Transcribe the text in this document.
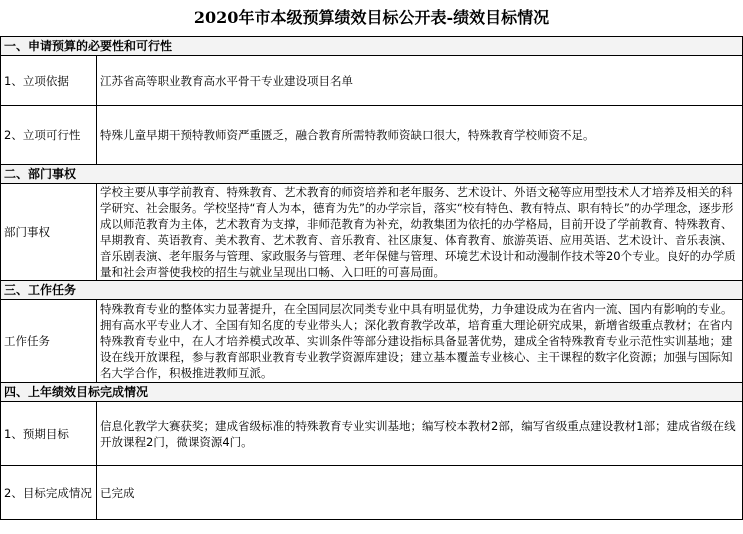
2020年市本级预算绩效目标公开表-绩效目标情况
一、申请预算的必要性和可行性	
1、立项依据	江苏省高等职业教育高水平骨干专业建设项目名单
2、立项可行性	特殊儿童早期干预特教师资严重匮乏，融合教育所需特教师资缺口很大，特殊教育学校师资不足。
二、部门事权	
部门事权	学校主要从事学前教育、特殊教育、艺术教育的师资培养和老年服务、艺术设计、外语文秘等应用型技术人才培养及相关的科学研究、社会服务。学校坚持“育人为本，德育为先”的办学宗旨，落实“校有特色、教有特点、职有特长”的办学理念，逐步形成以师范教育为主体，艺术教育为支撑，非师范教育为补充，幼教集团为依托的办学格局，目前开设了学前教育、特殊教育、早期教育、英语教育、美术教育、艺术教育、音乐教育、社区康复、体育教育、旅游英语、应用英语、艺术设计、音乐表演、音乐剧表演、老年服务与管理、家政服务与管理、老年保健与管理、环境艺术设计和动漫制作技术等20个专业。良好的办学质量和社会声誉使我校的招生与就业呈现出口畅、入口旺的可喜局面。
三、工作任务	
工作任务	特殊教育专业的整体实力显著提升，在全国同层次同类专业中具有明显优势，力争建设成为在省内一流、国内有影响的专业。拥有高水平专业人才、全国有知名度的专业带头人；深化教育教学改革，培育重大理论研究成果，新增省级重点教材；在省内特殊教育专业中，在人才培养模式改革、实训条件等部分建设指标具备显著优势，建成全省特殊教育专业示范性实训基地；建设在线开放课程，参与教育部职业教育专业教学资源库建设；建立基本覆盖专业核心、主干课程的数字化资源；加强与国际知名大学合作，积极推进教师互派。
四、上年绩效目标完成情况	
1、预期目标	信息化教学大赛获奖；建成省级标准的特殊教育专业实训基地；编写校本教材2部，编写省级重点建设教材1部；建成省级在线开放课程2门，微课资源4门。
2、目标完成情况	已完成
